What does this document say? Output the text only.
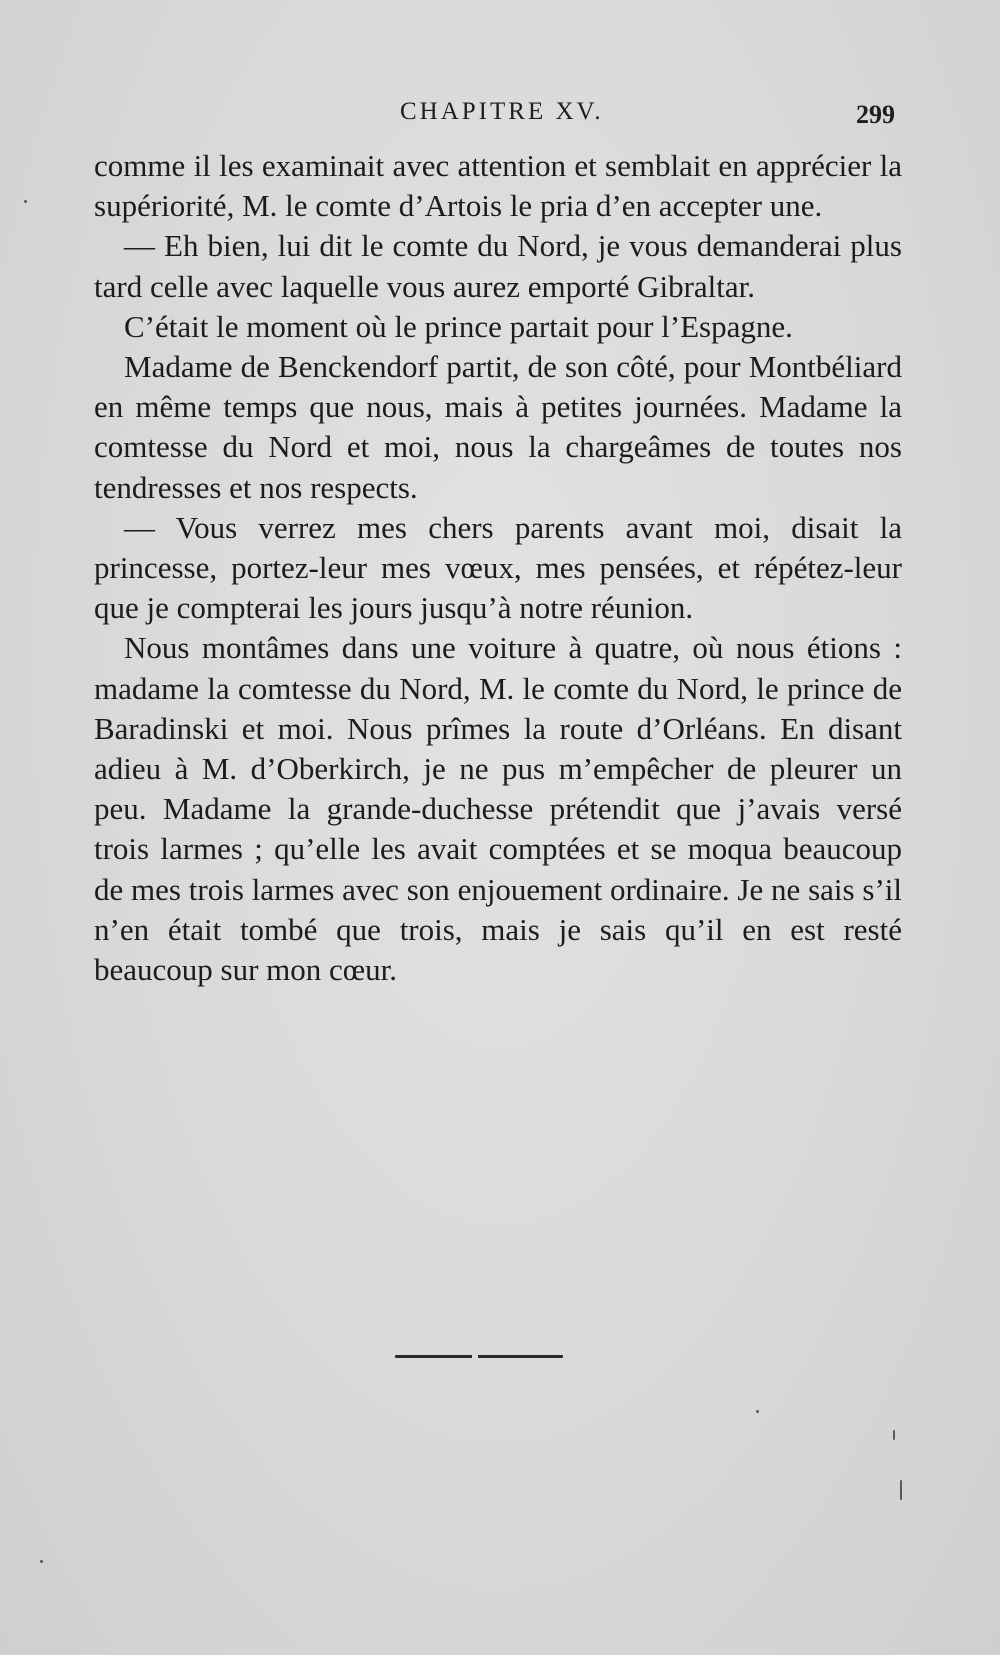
CHAPITRE XV.	299

comme il les examinait avec attention et semblait en apprécier la supériorité, M. le comte d’Artois le pria d’en accepter une.

— Eh bien, lui dit le comte du Nord, je vous demanderai plus tard celle avec laquelle vous aurez emporté Gibraltar.

C’était le moment où le prince partait pour l’Espagne.

Madame de Benckendorf partit, de son côté, pour Montbéliard en même temps que nous, mais à petites journées. Madame la comtesse du Nord et moi, nous la chargeâmes de toutes nos tendresses et nos respects.

— Vous verrez mes chers parents avant moi, disait la princesse, portez-leur mes vœux, mes pensées, et répétez-leur que je compterai les jours jusqu’à notre réunion.

Nous montâmes dans une voiture à quatre, où nous étions : madame la comtesse du Nord, M. le comte du Nord, le prince de Baradinski et moi. Nous prîmes la route d’Orléans. En disant adieu à M. d’Oberkirch, je ne pus m’empêcher de pleurer un peu. Madame la grande-duchesse prétendit que j’avais versé trois larmes ; qu’elle les avait comptées et se moqua beaucoup de mes trois larmes avec son enjouement ordinaire. Je ne sais s’il n’en était tombé que trois, mais je sais qu’il en est resté beaucoup sur mon cœur.
